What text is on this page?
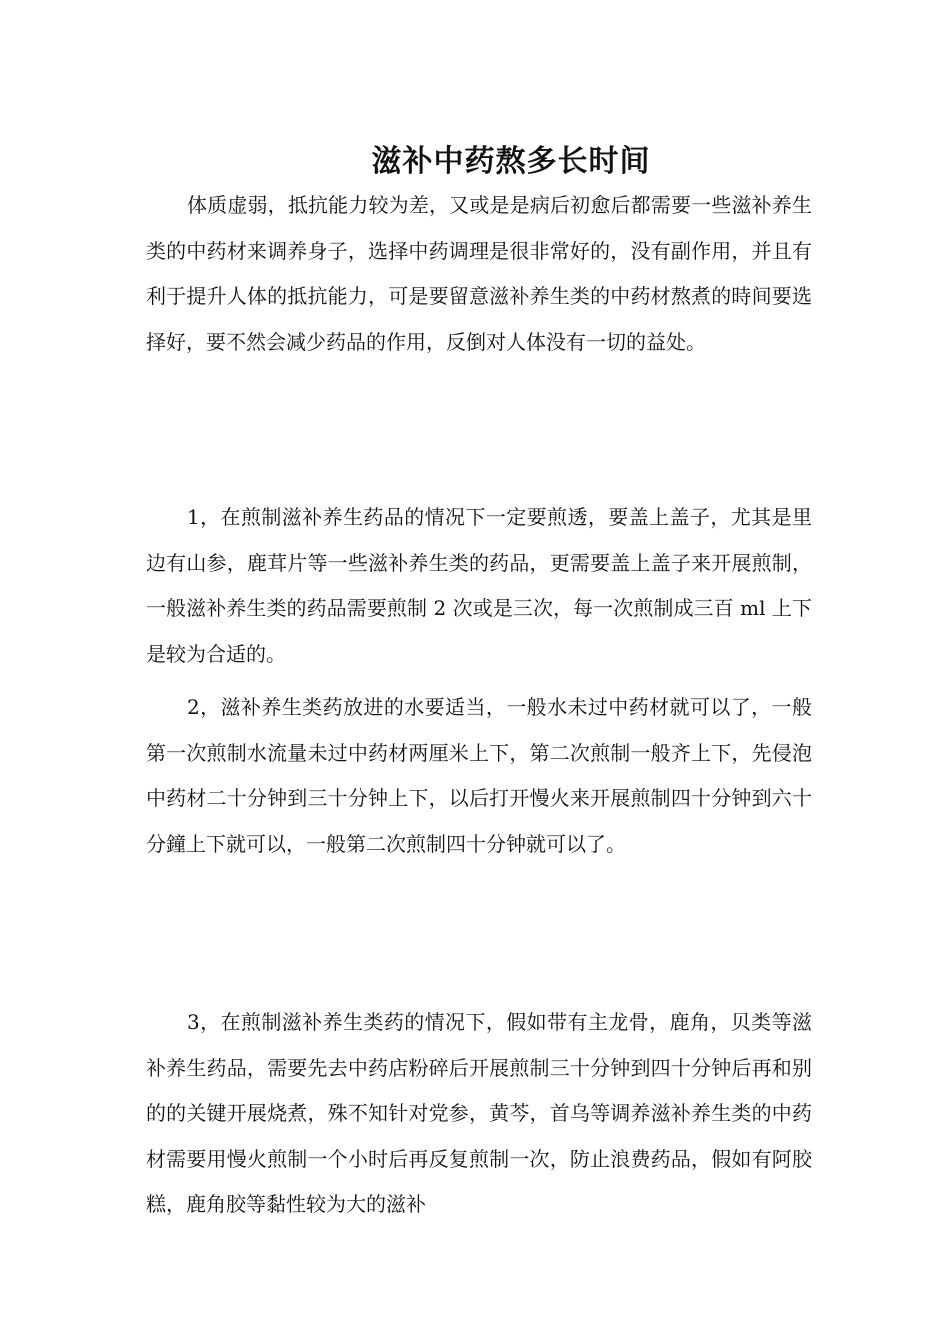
滋补中药熬多长时间

体质虚弱，抵抗能力较为差，又或是是病后初愈后都需要一些滋补养生类的中药材来调养身子，选择中药调理是很非常好的，没有副作用，并且有利于提升人体的抵抗能力，可是要留意滋补养生类的中药材熬煮的時间要选择好，要不然会减少药品的作用，反倒对人体没有一切的益处。

1，在煎制滋补养生药品的情况下一定要煎透，要盖上盖子，尤其是里边有山参，鹿茸片等一些滋补养生类的药品，更需要盖上盖子来开展煎制，一般滋补养生类的药品需要煎制 2 次或是三次，每一次煎制成三百 ml 上下是较为合适的。

2，滋补养生类药放进的水要适当，一般水未过中药材就可以了，一般第一次煎制水流量未过中药材两厘米上下，第二次煎制一般齐上下，先侵泡中药材二十分钟到三十分钟上下，以后打开慢火来开展煎制四十分钟到六十分鐘上下就可以，一般第二次煎制四十分钟就可以了。

3，在煎制滋补养生类药的情况下，假如带有主龙骨，鹿角，贝类等滋补养生药品，需要先去中药店粉碎后开展煎制三十分钟到四十分钟后再和别的的关键开展烧煮，殊不知针对党参，黄芩，首乌等调养滋补养生类的中药材需要用慢火煎制一个小时后再反复煎制一次，防止浪费药品，假如有阿胶糕，鹿角胶等黏性较为大的滋补
